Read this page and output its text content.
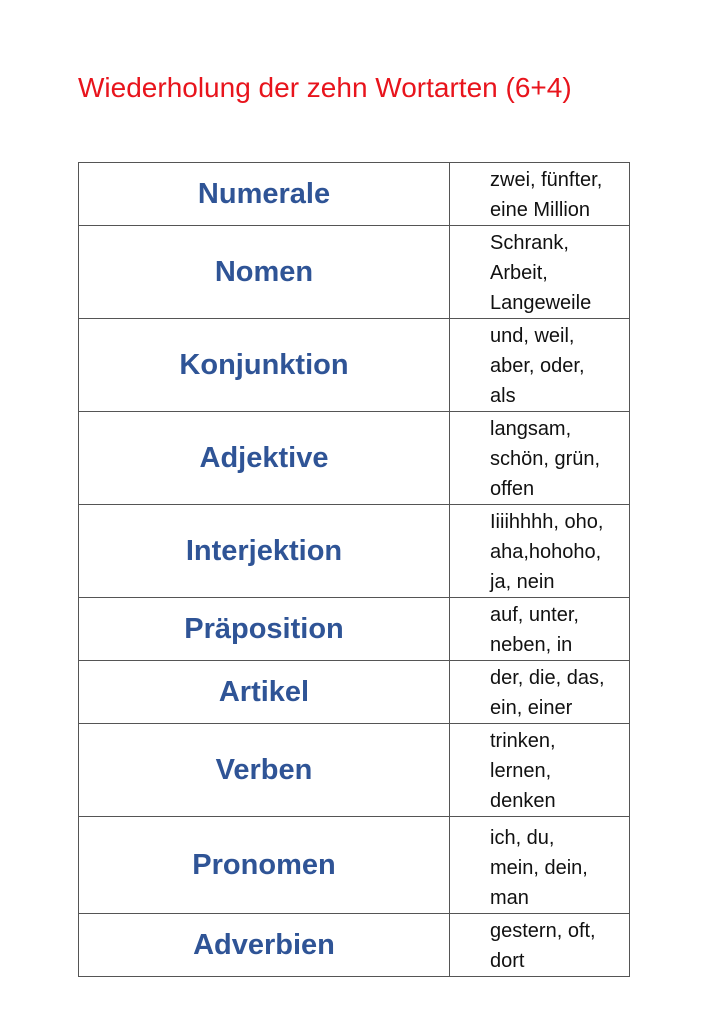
Wiederholung der zehn Wortarten (6+4)
Numerale	zwei, fünfter,
eine Million

Nomen	Schrank,
Arbeit,
Langeweile

Konjunktion	und, weil,
aber, oder,
als

Adjektive	langsam,
schön, grün,
offen

Interjektion	Iiiihhhh, oho,
aha,hohoho,
ja, nein

Präposition	auf, unter,
neben, in

Artikel	der, die, das,
ein, einer

Verben	trinken,
lernen,
denken

Pronomen	ich, du,
mein, dein,
man

Adverbien	gestern, oft,
dort
